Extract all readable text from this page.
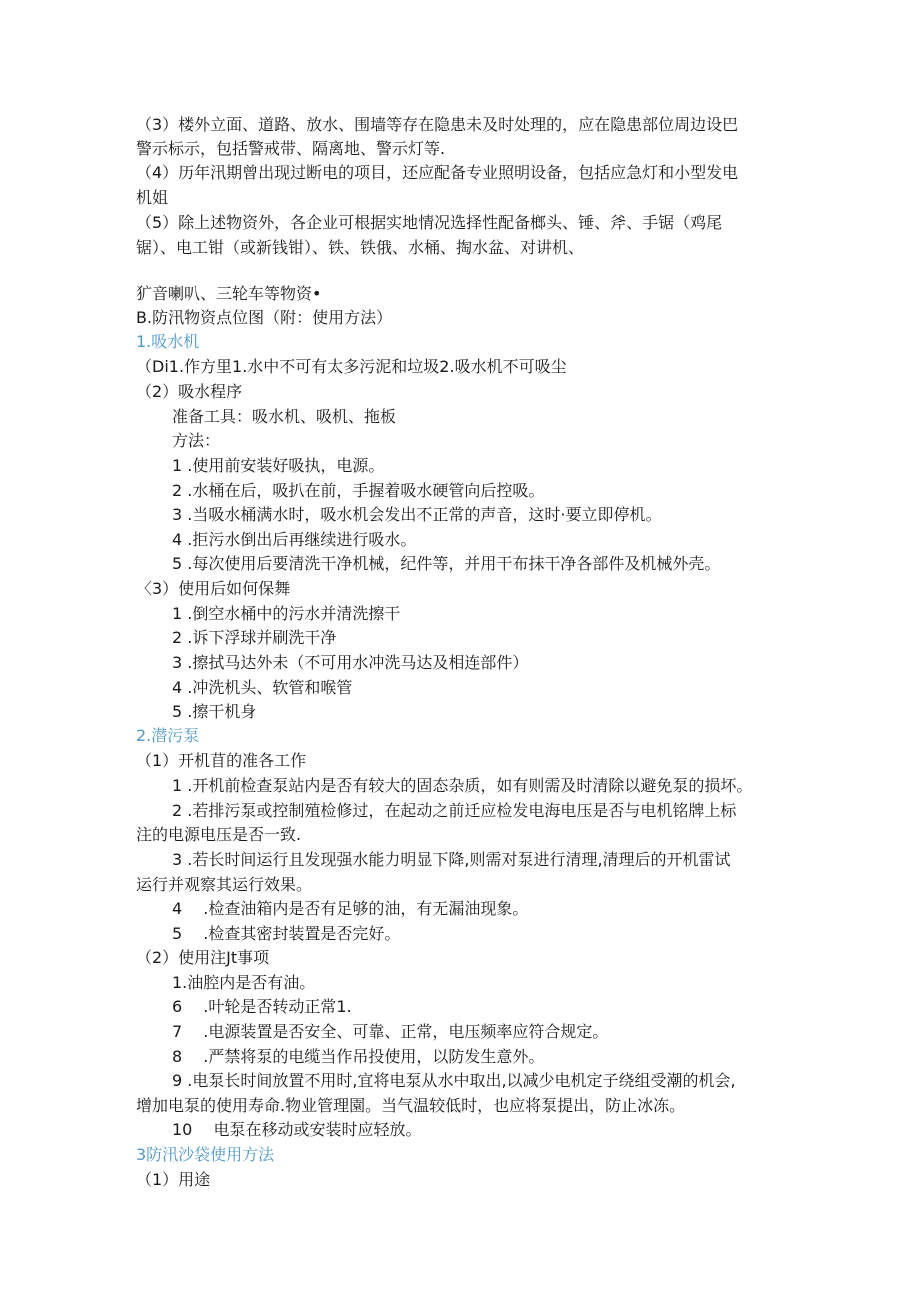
（3）楼外立面、道路、放水、围墙等存在隐患未及时处理的，应在隐患部位周边设巴
警示标示，包括警戒带、隔离地、警示灯等.
（4）历年汛期曾出现过断电的项目，还应配备专业照明设备，包括应急灯和小型发电
机姐
（5）除上述物资外，各企业可根据实地情况选择性配备榔头、锤、斧、手锯（鸡尾
锯）、电工钳（或新钱钳）、铁、铁俄、水桶、掏水盆、对讲机、
犷音喇叭、三轮车等物资•
B.防汛物资点位图（附：使用方法）
1.吸水机
（Di1.作方里1.水中不可有太多污泥和垃圾2.吸水机不可吸尘
（2）吸水程序
准备工具：吸水机、吸机、拖板
方法：
1 .使用前安装好吸执，电源。
2 .水桶在后，吸扒在前，手握着吸水硬管向后控吸。
3 .当吸水桶满水时，吸水机会发出不正常的声音，这时·要立即停机。
4 .拒污水倒出后再继续进行吸水。
5 .每次使用后要清洗干净机械，纪件等，并用干布抹干净各部件及机械外壳。
〈3）使用后如何保舞
1 .倒空水桶中的污水并清洗擦干
2 .诉下浮球并刷洗干净
3 .擦拭马达外未（不可用水冲洗马达及相连部件）
4 .冲洗机头、软管和喉管
5 .擦干机身
2.潜污泵
（1）开机苜的准各工作
1 .开机前检查泵站内是否有较大的固态杂质，如有则需及时清除以避免泵的损坏。
2 .若排污泵或控制殖检修过，在起动之前迁应检发电海电压是否与电机铭牌上标
注的电源电压是否一致.
3 .若长时间运行且发现强水能力明显下降,则需对泵进行清理,清理后的开机雷试
运行并观察其运行效果。
4　 .检查油箱内是否有足够的油，有无漏油现象。
5　 .检查其密封装置是否完好。
（2）使用注Jt事项
1.油腔内是否有油。
6　 .叶轮是否转动正常1.
7　 .电源装置是否安全、可靠、正常，电压频率应符合规定。
8　 .严禁将泵的电缆当作吊投使用，以防发生意外。
9 .电泵长时间放置不用时,宜将电泵从水中取出,以减少电机定子绕组受潮的机会,
增加电泵的使用寿命.物业管理園。当气温较低时，也应将泵提出，防止冰冻。
10　 电泵在移动或安装时应轻放。
3防汛沙袋使用方法
（1）用途
